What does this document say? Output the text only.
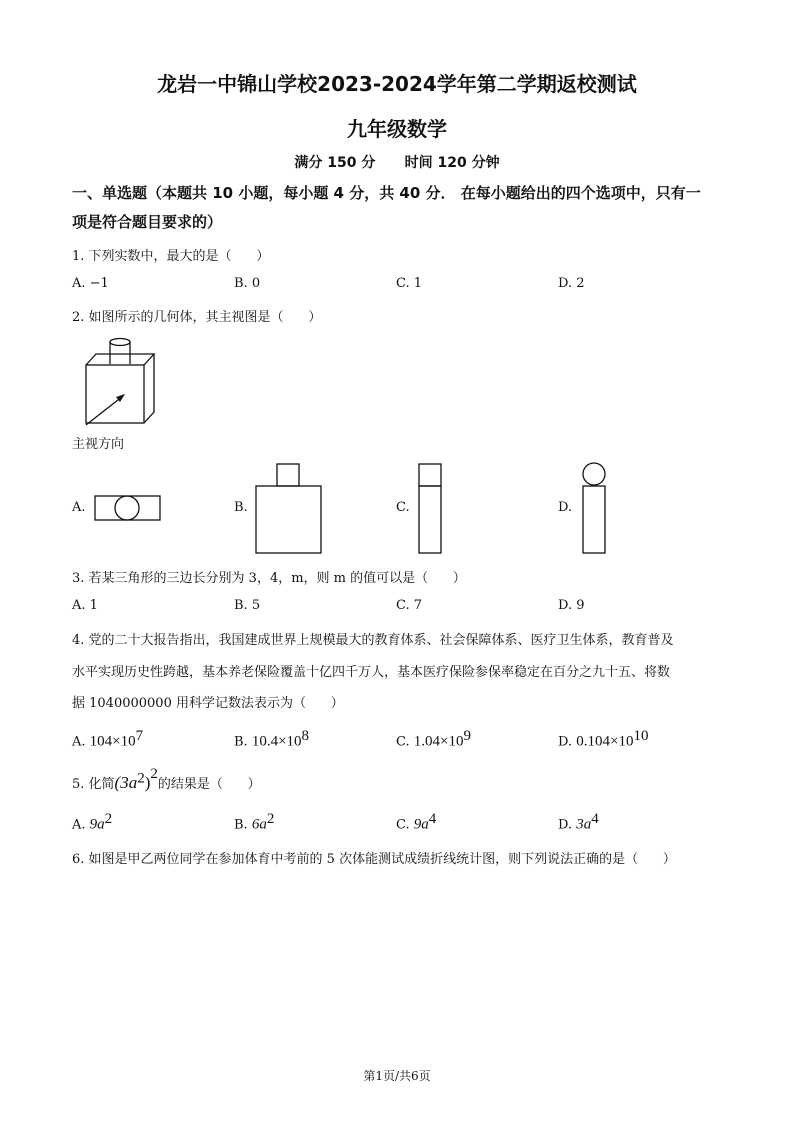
龙岩一中锦山学校2023-2024学年第二学期返校测试
九年级数学
满分 150 分      时间 120 分钟
一、单选题（本题共 10 小题，每小题 4 分，共 40 分． 在每小题给出的四个选项中，只有一
项是符合题目要求的）
1. 下列实数中，最大的是（      ）
A. −1	B. 0	C. 1	D. 2
2. 如图所示的几何体，其主视图是（      ）
主视方向
A.	B.	C.	D.
3. 若某三角形的三边长分别为 3，4，m，则 m 的值可以是（      ）
A. 1	B. 5	C. 7	D. 9
4. 党的二十大报告指出，我国建成世界上规模最大的教育体系、社会保障体系、医疗卫生体系，教育普及
水平实现历史性跨越，基本养老保险覆盖十亿四千万人，基本医疗保险参保率稳定在百分之九十五、将数
据 1040000000 用科学记数法表示为（      ）
A. $104\times 10^7$	B. $10.4\times 10^8$	C. $1.04\times 10^9$	D. $0.104\times 10^{10}$
5. 化简$(3a^2)^2$的结果是（      ）
A. $9a^2$	B. $6a^2$	C. $9a^4$	D. $3a^4$
6. 如图是甲乙两位同学在参加体育中考前的 5 次体能测试成绩折线统计图，则下列说法正确的是（      ）
第1页/共6页
